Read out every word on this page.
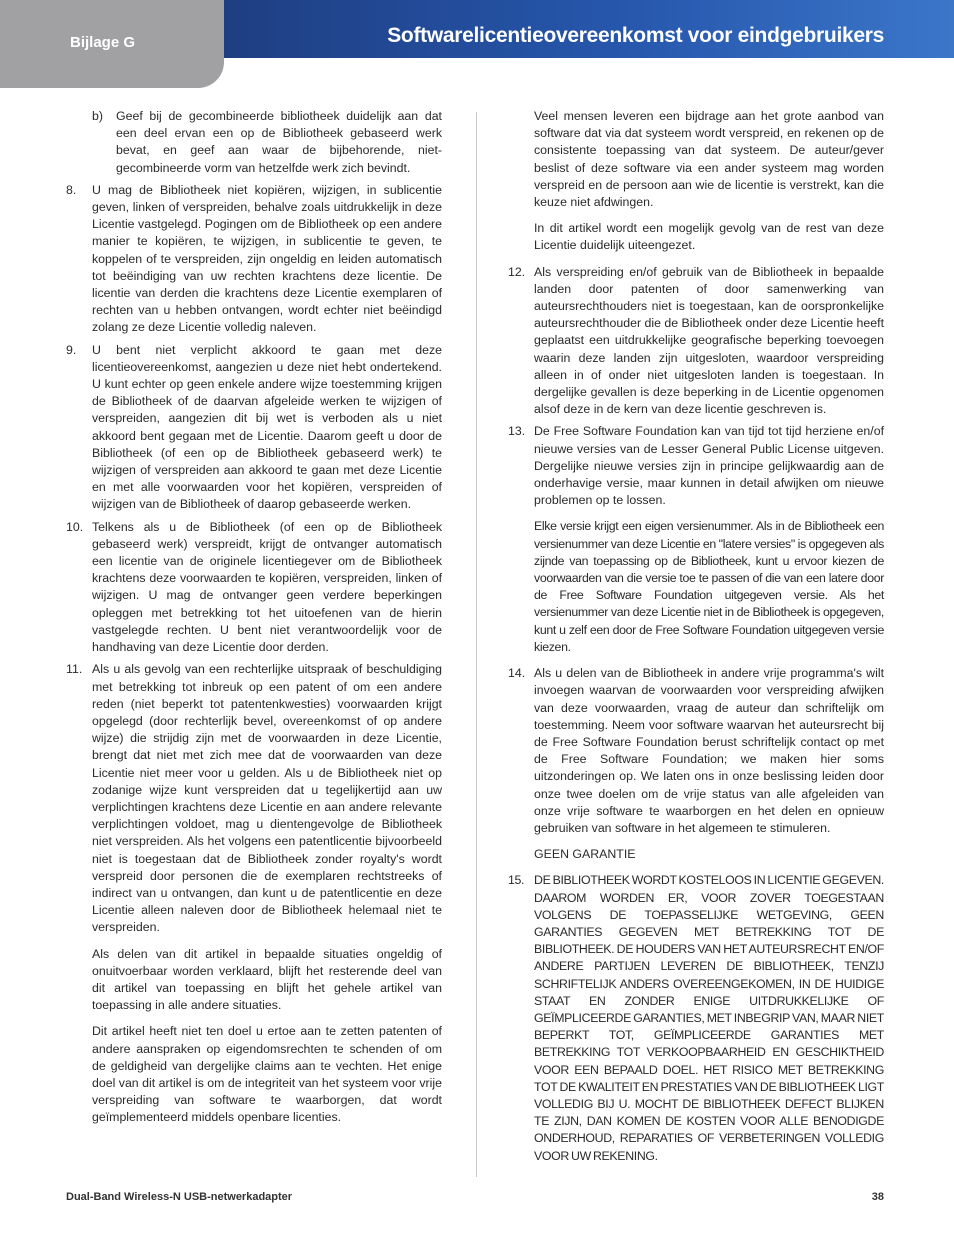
Bijlage G	Softwarelicentieovereenkomst voor eindgebruikers
b) Geef bij de gecombineerde bibliotheek duidelijk aan dat een deel ervan een op de Bibliotheek gebaseerd werk bevat, en geef aan waar de bijbehorende, niet-gecombineerde vorm van hetzelfde werk zich bevindt.
8. U mag de Bibliotheek niet kopiëren, wijzigen, in sublicentie geven, linken of verspreiden, behalve zoals uitdrukkelijk in deze Licentie vastgelegd. Pogingen om de Bibliotheek op een andere manier te kopiëren, te wijzigen, in sublicentie te geven, te koppelen of te verspreiden, zijn ongeldig en leiden automatisch tot beëindiging van uw rechten krachtens deze licentie. De licentie van derden die krachtens deze Licentie exemplaren of rechten van u hebben ontvangen, wordt echter niet beëindigd zolang ze deze Licentie volledig naleven.
9. U bent niet verplicht akkoord te gaan met deze licentieovereenkomst, aangezien u deze niet hebt ondertekend. U kunt echter op geen enkele andere wijze toestemming krijgen de Bibliotheek of de daarvan afgeleide werken te wijzigen of verspreiden, aangezien dit bij wet is verboden als u niet akkoord bent gegaan met de Licentie. Daarom geeft u door de Bibliotheek (of een op de Bibliotheek gebaseerd werk) te wijzigen of verspreiden aan akkoord te gaan met deze Licentie en met alle voorwaarden voor het kopiëren, verspreiden of wijzigen van de Bibliotheek of daarop gebaseerde werken.
10. Telkens als u de Bibliotheek (of een op de Bibliotheek gebaseerd werk) verspreidt, krijgt de ontvanger automatisch een licentie van de originele licentiegever om de Bibliotheek krachtens deze voorwaarden te kopiëren, verspreiden, linken of wijzigen. U mag de ontvanger geen verdere beperkingen opleggen met betrekking tot het uitoefenen van de hierin vastgelegde rechten. U bent niet verantwoordelijk voor de handhaving van deze Licentie door derden.
11. Als u als gevolg van een rechterlijke uitspraak of beschuldiging met betrekking tot inbreuk op een patent of om een andere reden (niet beperkt tot patentenkwesties) voorwaarden krijgt opgelegd (door rechterlijk bevel, overeenkomst of op andere wijze) die strijdig zijn met de voorwaarden in deze Licentie, brengt dat niet met zich mee dat de voorwaarden van deze Licentie niet meer voor u gelden. Als u de Bibliotheek niet op zodanige wijze kunt verspreiden dat u tegelijkertijd aan uw verplichtingen krachtens deze Licentie en aan andere relevante verplichtingen voldoet, mag u dientengevolge de Bibliotheek niet verspreiden. Als het volgens een patentlicentie bijvoorbeeld niet is toegestaan dat de Bibliotheek zonder royalty's wordt verspreid door personen die de exemplaren rechtstreeks of indirect van u ontvangen, dan kunt u de patentlicentie en deze Licentie alleen naleven door de Bibliotheek helemaal niet te verspreiden.

Als delen van dit artikel in bepaalde situaties ongeldig of onuitvoerbaar worden verklaard, blijft het resterende deel van dit artikel van toepassing en blijft het gehele artikel van toepassing in alle andere situaties.

Dit artikel heeft niet ten doel u ertoe aan te zetten patenten of andere aanspraken op eigendomsrechten te schenden of om de geldigheid van dergelijke claims aan te vechten. Het enige doel van dit artikel is om de integriteit van het systeem voor vrije verspreiding van software te waarborgen, dat wordt geïmplementeerd middels openbare licenties.

Veel mensen leveren een bijdrage aan het grote aanbod van software dat via dat systeem wordt verspreid, en rekenen op de consistente toepassing van dat systeem. De auteur/gever beslist of deze software via een ander systeem mag worden verspreid en de persoon aan wie de licentie is verstrekt, kan die keuze niet afdwingen.

In dit artikel wordt een mogelijk gevolg van de rest van deze Licentie duidelijk uiteengezet.

12. Als verspreiding en/of gebruik van de Bibliotheek in bepaalde landen door patenten of door samenwerking van auteursrechthouders niet is toegestaan, kan de oorspronkelijke auteursrechthouder die de Bibliotheek onder deze Licentie heeft geplaatst een uitdrukkelijke geografische beperking toevoegen waarin deze landen zijn uitgesloten, waardoor verspreiding alleen in of onder niet uitgesloten landen is toegestaan. In dergelijke gevallen is deze beperking in de Licentie opgenomen alsof deze in de kern van deze licentie geschreven is.
13. De Free Software Foundation kan van tijd tot tijd herziene en/of nieuwe versies van de Lesser General Public License uitgeven. Dergelijke nieuwe versies zijn in principe gelijkwaardig aan de onderhavige versie, maar kunnen in detail afwijken om nieuwe problemen op te lossen.

Elke versie krijgt een eigen versienummer. Als in de Bibliotheek een versienummer van deze Licentie en "latere versies" is opgegeven als zijnde van toepassing op de Bibliotheek, kunt u ervoor kiezen de voorwaarden van die versie toe te passen of die van een latere door de Free Software Foundation uitgegeven versie. Als het versienummer van deze Licentie niet in de Bibliotheek is opgegeven, kunt u zelf een door de Free Software Foundation uitgegeven versie kiezen.

14. Als u delen van de Bibliotheek in andere vrije programma's wilt invoegen waarvan de voorwaarden voor verspreiding afwijken van deze voorwaarden, vraag de auteur dan schriftelijk om toestemming. Neem voor software waarvan het auteursrecht bij de Free Software Foundation berust schriftelijk contact op met de Free Software Foundation; we maken hier soms uitzonderingen op. We laten ons in onze beslissing leiden door onze twee doelen om de vrije status van alle afgeleiden van onze vrije software te waarborgen en het delen en opnieuw gebruiken van software in het algemeen te stimuleren.

GEEN GARANTIE

15. DE BIBLIOTHEEK WORDT KOSTELOOS IN LICENTIE GEGEVEN. DAAROM WORDEN ER, VOOR ZOVER TOEGESTAAN VOLGENS DE TOEPASSELIJKE WETGEVING, GEEN GARANTIES GEGEVEN MET BETREKKING TOT DE BIBLIOTHEEK. DE HOUDERS VAN HET AUTEURSRECHT EN/OF ANDERE PARTIJEN LEVEREN DE BIBLIOTHEEK, TENZIJ SCHRIFTELIJK ANDERS OVEREENGEKOMEN, IN DE HUIDIGE STAAT EN ZONDER ENIGE UITDRUKKELIJKE OF GEÏMPLICEERDE GARANTIES, MET INBEGRIP VAN, MAAR NIET BEPERKT TOT, GEÏMPLICEERDE GARANTIES MET BETREKKING TOT VERKOOPBAARHEID EN GESCHIKTHEID VOOR EEN BEPAALD DOEL. HET RISICO MET BETREKKING TOT DE KWALITEIT EN PRESTATIES VAN DE BIBLIOTHEEK LIGT VOLLEDIG BIJ U. MOCHT DE BIBLIOTHEEK DEFECT BLIJKEN TE ZIJN, DAN KOMEN DE KOSTEN VOOR ALLE BENODIGDE ONDERHOUD, REPARATIES OF VERBETERINGEN VOLLEDIG VOOR UW REKENING.
Dual-Band Wireless-N USB-netwerkadapter	38
